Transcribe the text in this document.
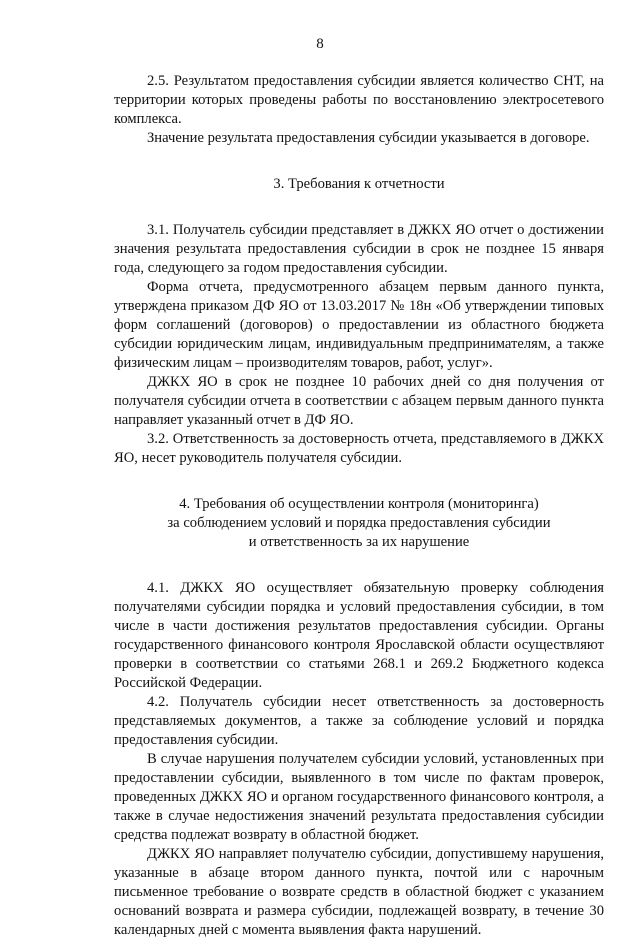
8

2.5. Результатом предоставления субсидии является количество СНТ, на территории которых проведены работы по восстановлению электросетевого комплекса.

Значение результата предоставления субсидии указывается в договоре.

3. Требования к отчетности

3.1. Получатель субсидии представляет в ДЖКХ ЯО отчет о достижении значения результата предоставления субсидии в срок не позднее 15 января года, следующего за годом предоставления субсидии.

Форма отчета, предусмотренного абзацем первым данного пункта, утверждена приказом ДФ ЯО от 13.03.2017 № 18н «Об утверждении типовых форм соглашений (договоров) о предоставлении из областного бюджета субсидии юридическим лицам, индивидуальным предпринимателям, а также физическим лицам – производителям товаров, работ, услуг».

ДЖКХ ЯО в срок не позднее 10 рабочих дней со дня получения от получателя субсидии отчета в соответствии с абзацем первым данного пункта направляет указанный отчет в ДФ ЯО.

3.2. Ответственность за достоверность отчета, представляемого в ДЖКХ ЯО, несет руководитель получателя субсидии.

4. Требования об осуществлении контроля (мониторинга)

за соблюдением условий и порядка предоставления субсидии

и ответственность за их нарушение

4.1. ДЖКХ ЯО осуществляет обязательную проверку соблюдения получателями субсидии порядка и условий предоставления субсидии, в том числе в части достижения результатов предоставления субсидии. Органы государственного финансового контроля Ярославской области осуществляют проверки в соответствии со статьями 268.1 и 269.2 Бюджетного кодекса Российской Федерации.

4.2. Получатель субсидии несет ответственность за достоверность представляемых документов, а также за соблюдение условий и порядка предоставления субсидии.

В случае нарушения получателем субсидии условий, установленных при предоставлении субсидии, выявленного в том числе по фактам проверок, проведенных ДЖКХ ЯО и органом государственного финансового контроля, а также в случае недостижения значений результата предоставления субсидии средства подлежат возврату в областной бюджет.

ДЖКХ ЯО направляет получателю субсидии, допустившему нарушения, указанные в абзаце втором данного пункта, почтой или с нарочным письменное требование о возврате средств в областной бюджет с указанием оснований возврата и размера субсидии, подлежащей возврату, в течение 30 календарных дней с момента выявления факта нарушений.
